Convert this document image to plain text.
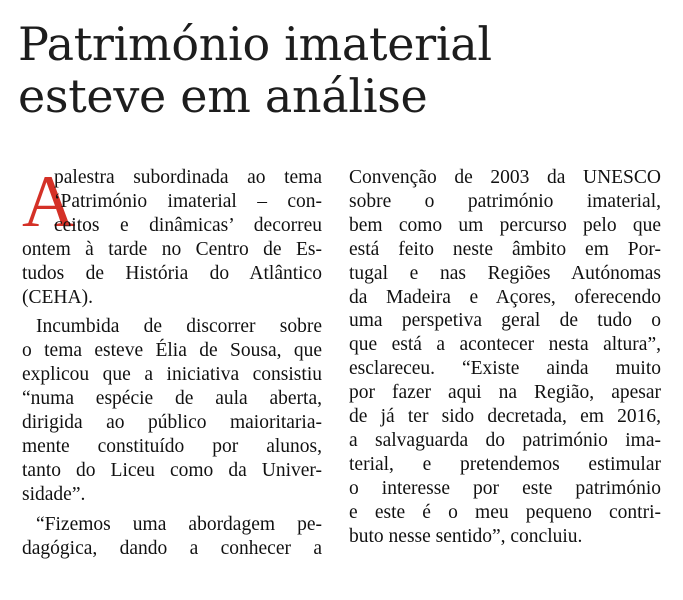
Património imaterial
esteve em análise
A
palestra subordinada ao tema
‘Património imaterial – con-
ceitos e dinâmicas’ decorreu
ontem à tarde no Centro de Es-
tudos de História do Atlântico
(CEHA).
Incumbida de discorrer sobre
o tema esteve Élia de Sousa, que
explicou que a iniciativa consistiu
“numa espécie de aula aberta,
dirigida ao público maioritaria-
mente constituído por alunos,
tanto do Liceu como da Univer-
sidade”.
“Fizemos uma abordagem pe-
dagógica, dando a conhecer a
Convenção de 2003 da UNESCO
sobre o património imaterial,
bem como um percurso pelo que
está feito neste âmbito em Por-
tugal e nas Regiões Autónomas
da Madeira e Açores, oferecendo
uma perspetiva geral de tudo o
que está a acontecer nesta altura”,
esclareceu. “Existe ainda muito
por fazer aqui na Região, apesar
de já ter sido decretada, em 2016,
a salvaguarda do património ima-
terial, e pretendemos estimular
o interesse por este património
e este é o meu pequeno contri-
buto nesse sentido”, concluiu.
